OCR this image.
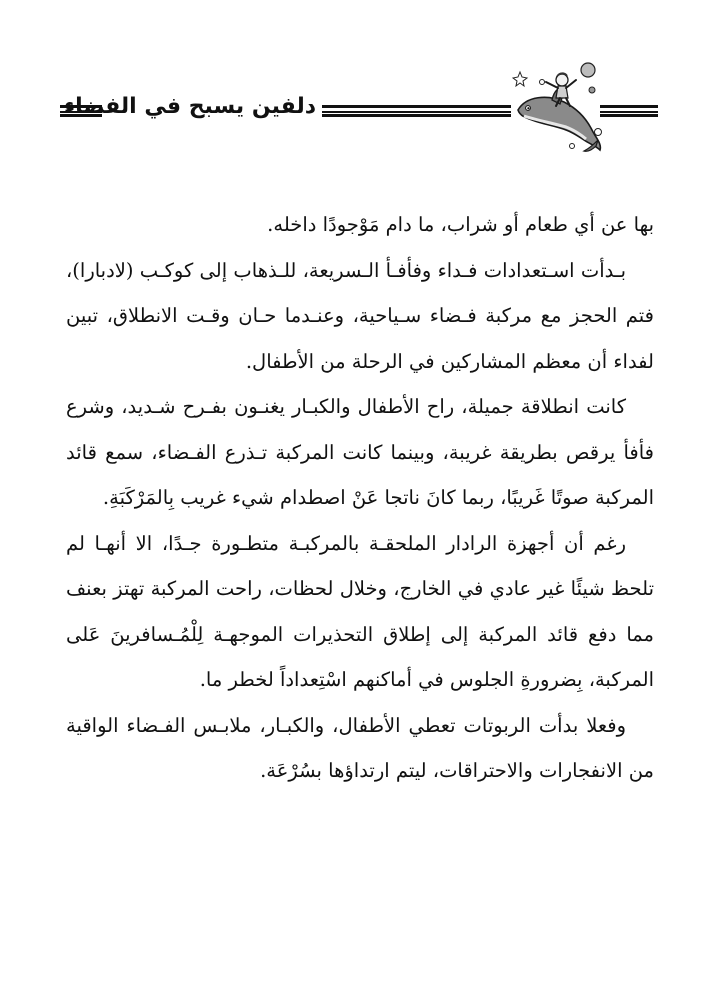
دلفين يسبح في الفضاء

بها عن أي طعام أو شراب، ما دام مَوْجودًا داخله.

بـدأت اسـتعدادات فـداء وفأفـأ الـسريعة، للـذهاب إلى كوكـب (لادبارا)، فتم الحجز مع مركبة فـضاء سـياحية، وعنـدما حـان وقـت الانطلاق، تبين لفداء أن معظم المشاركين في الرحلة من الأطفال.

كانت انطلاقة جميلة، راح الأطفال والكبـار يغنـون بفـرح شـديد، وشرع فأفأ يرقص بطريقة غريبة، وبينما كانت المركبة تـذرع الفـضاء، سمع قائد المركبة صوتًا غَريبًا، ربما كانَ ناتجا عَنْ اصطدام شيء غريب بِالمَرْكَبَةِ.

رغم أن أجهزة الرادار الملحقـة بالمركبـة متطـورة جـدًا، الا أنهـا لم تلحظ شيئًا غير عادي في الخارج، وخلال لحظات، راحت المركبة تهتز بعنف مما دفع قائد المركبة إلى إطلاق التحذيرات الموجهـة لِلْمُـسافرينَ عَلى المركبة، بِضرورةِ الجلوس في أماكنهم اسْتِعداداً لخطر ما.

وفعلا بدأت الربوتات تعطي الأطفال، والكبـار، ملابـس الفـضاء الواقية من الانفجارات والاحتراقات، ليتم ارتداؤها بسُرْعَة.
